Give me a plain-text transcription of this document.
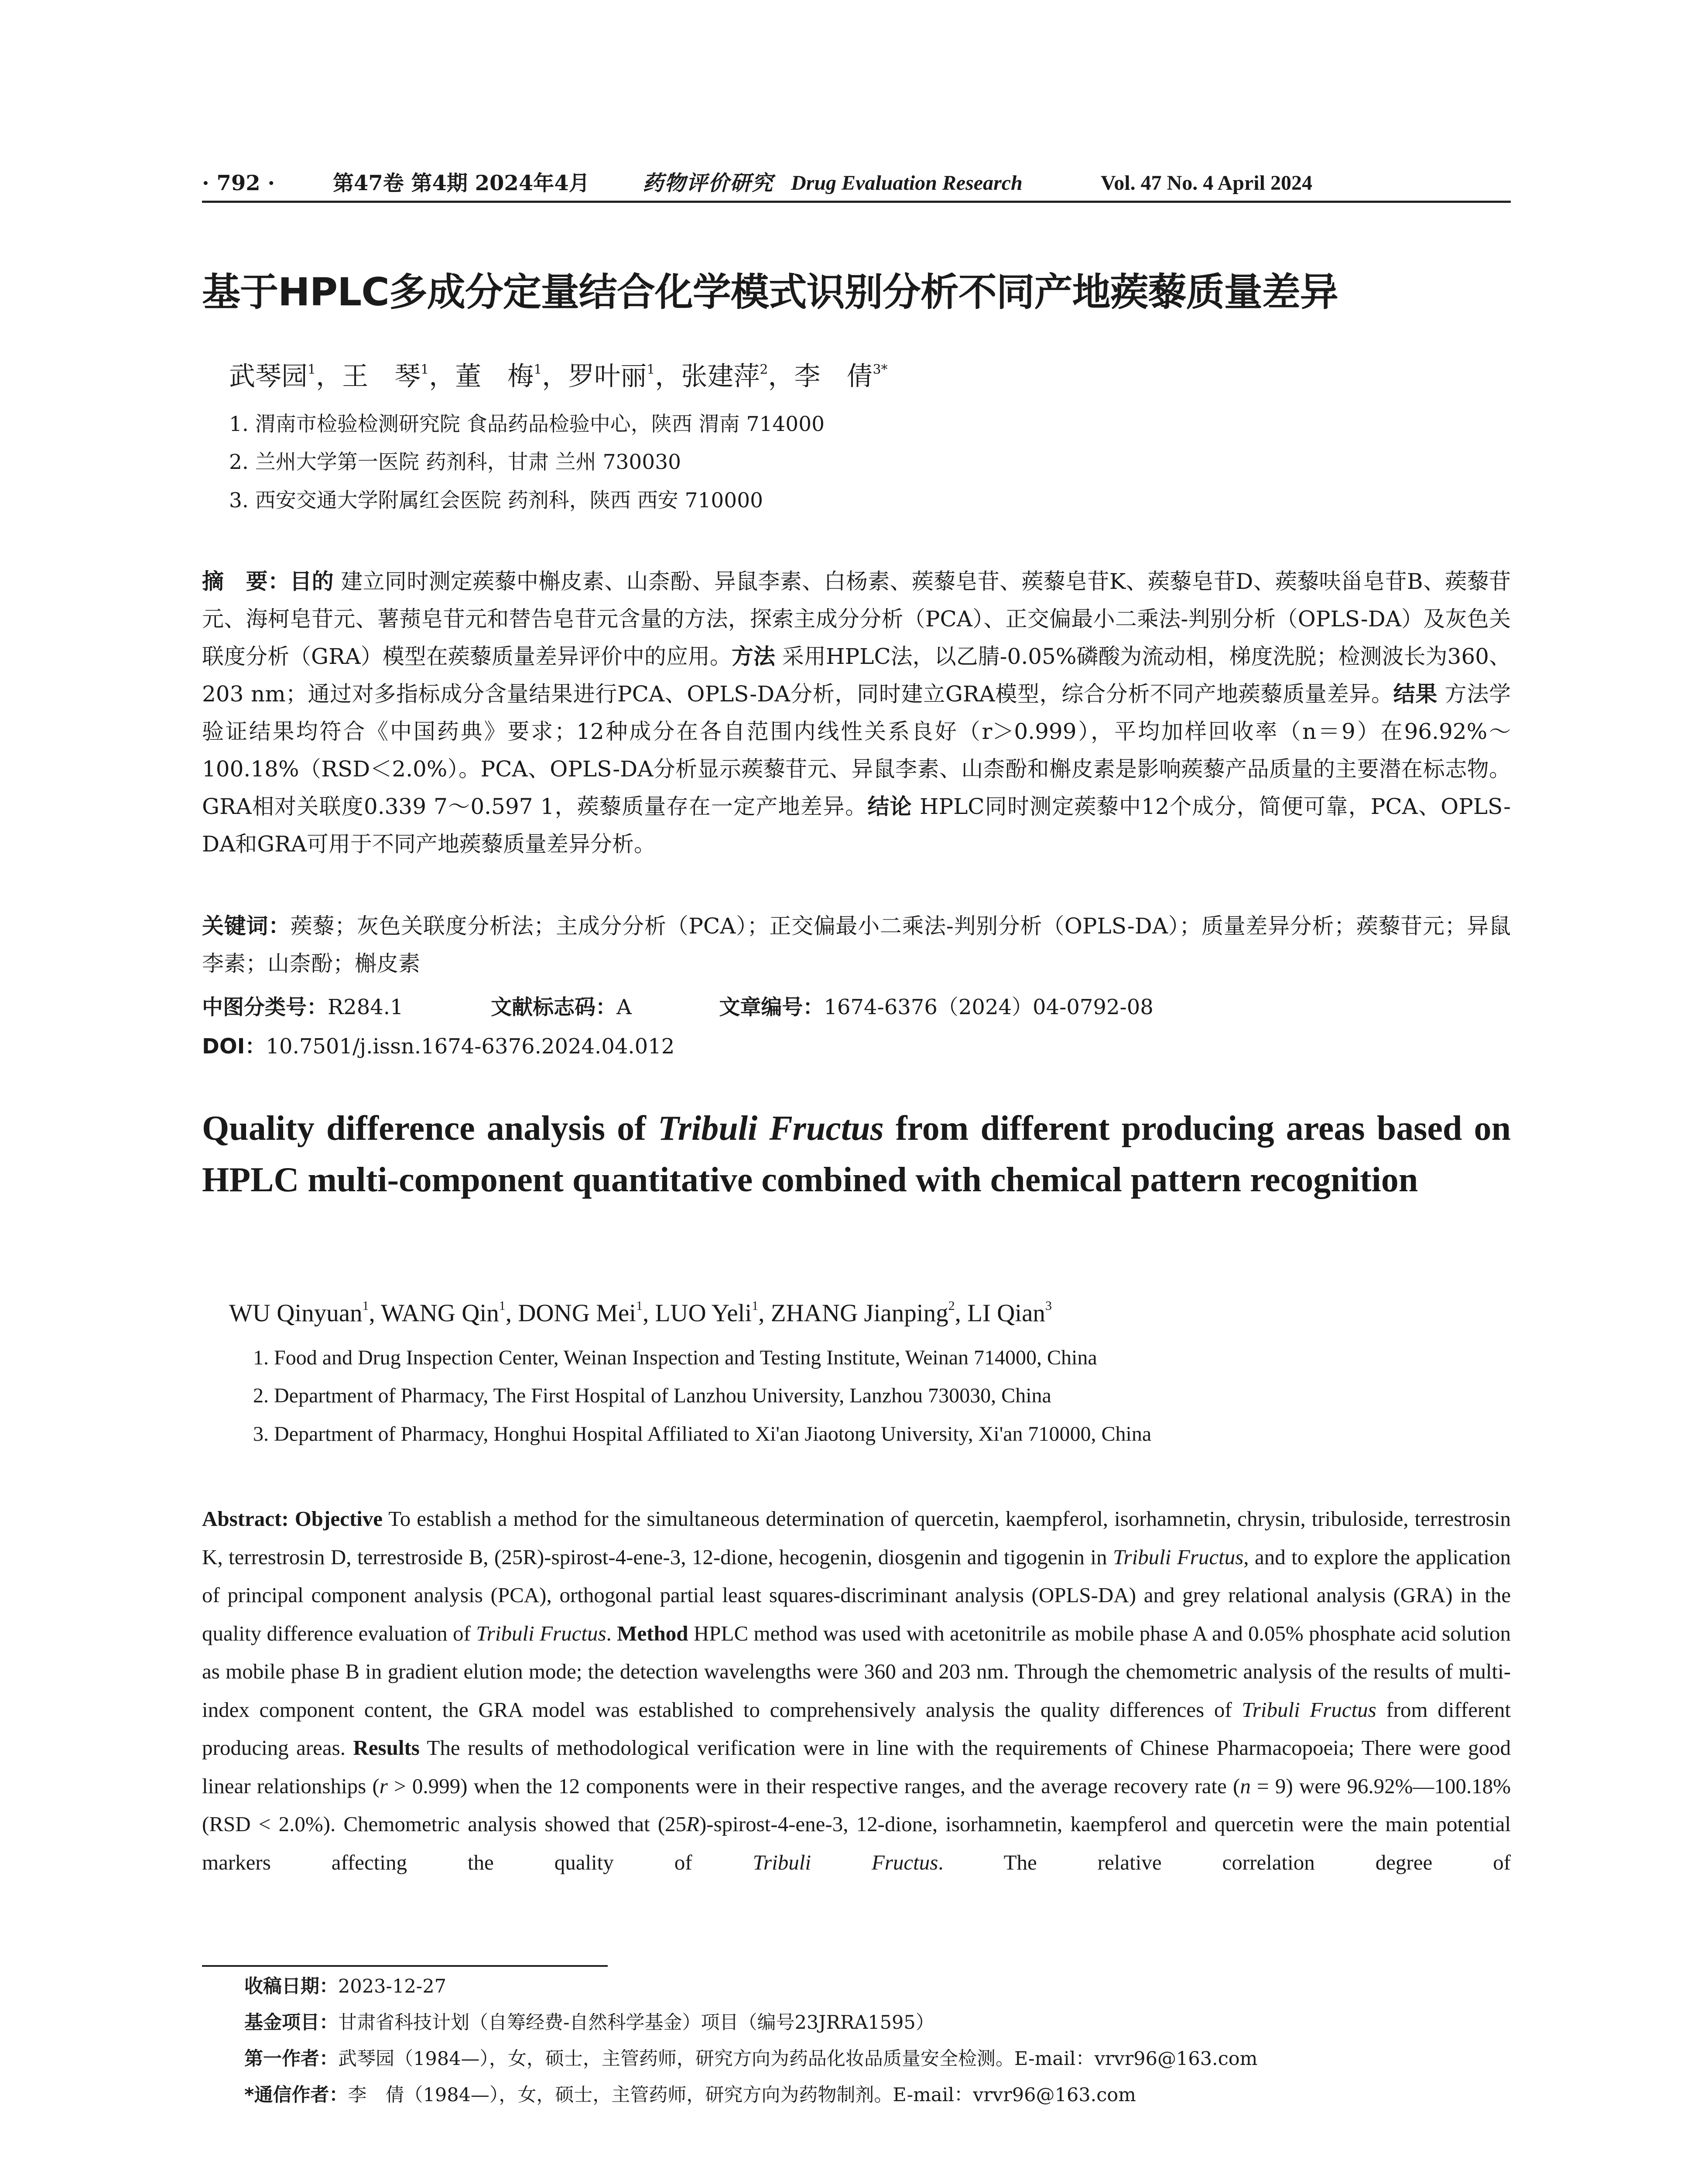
· 792 ·	第47卷 第4期 2024年4月	药物评价研究 Drug Evaluation Research	Vol. 47 No. 4 April 2024
基于HPLC多成分定量结合化学模式识别分析不同产地蒺藜质量差异
武琴园$^1$，王　琴$^1$，董　梅$^1$，罗叶丽$^1$，张建萍$^2$，李　倩$^{3*}$
1. 渭南市检验检测研究院 食品药品检验中心，陕西 渭南 714000
2. 兰州大学第一医院 药剂科，甘肃 兰州 730030
3. 西安交通大学附属红会医院 药剂科，陕西 西安 710000
摘　要：目的 建立同时测定蒺藜中槲皮素、山柰酚、异鼠李素、白杨素、蒺藜皂苷、蒺藜皂苷K、蒺藜皂苷D、蒺藜呋甾皂苷B、蒺藜苷元、海柯皂苷元、薯蓣皂苷元和替告皂苷元含量的方法，探索主成分分析（PCA）、正交偏最小二乘法-判别分析（OPLS-DA）及灰色关联度分析（GRA）模型在蒺藜质量差异评价中的应用。方法 采用HPLC法，以乙腈-0.05%磷酸为流动相，梯度洗脱；检测波长为360、203 nm；通过对多指标成分含量结果进行PCA、OPLS-DA分析，同时建立GRA模型，综合分析不同产地蒺藜质量差异。结果 方法学验证结果均符合《中国药典》要求；12种成分在各自范围内线性关系良好（r＞0.999），平均加样回收率（n＝9）在96.92%～100.18%（RSD＜2.0%）。PCA、OPLS-DA分析显示蒺藜苷元、异鼠李素、山柰酚和槲皮素是影响蒺藜产品质量的主要潜在标志物。GRA相对关联度0.339 7～0.597 1，蒺藜质量存在一定产地差异。结论 HPLC同时测定蒺藜中12个成分，简便可靠，PCA、OPLS-DA和GRA可用于不同产地蒺藜质量差异分析。
关键词：蒺藜；灰色关联度分析法；主成分分析（PCA）；正交偏最小二乘法-判别分析（OPLS-DA）；质量差异分析；蒺藜苷元；异鼠李素；山柰酚；槲皮素
中图分类号：R284.1	文献标志码：A	文章编号：1674-6376（2024）04-0792-08
DOI：10.7501/j.issn.1674-6376.2024.04.012
Quality difference analysis of Tribuli Fructus from different producing areas based on HPLC multi-component quantitative combined with chemical pattern recognition
WU Qinyuan$^1$, WANG Qin$^1$, DONG Mei$^1$, LUO Yeli$^1$, ZHANG Jianping$^2$, LI Qian$^3$
1. Food and Drug Inspection Center, Weinan Inspection and Testing Institute, Weinan 714000, China
2. Department of Pharmacy, The First Hospital of Lanzhou University, Lanzhou 730030, China
3. Department of Pharmacy, Honghui Hospital Affiliated to Xi'an Jiaotong University, Xi'an 710000, China
Abstract: Objective To establish a method for the simultaneous determination of quercetin, kaempferol, isorhamnetin, chrysin, tribuloside, terrestrosin K, terrestrosin D, terrestroside B, (25R)-spirost-4-ene-3, 12-dione, hecogenin, diosgenin and tigogenin in Tribuli Fructus, and to explore the application of principal component analysis (PCA), orthogonal partial least squares-discriminant analysis (OPLS-DA) and grey relational analysis (GRA) in the quality difference evaluation of Tribuli Fructus. Method HPLC method was used with acetonitrile as mobile phase A and 0.05% phosphate acid solution as mobile phase B in gradient elution mode; the detection wavelengths were 360 and 203 nm. Through the chemometric analysis of the results of multi-index component content, the GRA model was established to comprehensively analysis the quality differences of Tribuli Fructus from different producing areas. Results The results of methodological verification were in line with the requirements of Chinese Pharmacopoeia; There were good linear relationships (r > 0.999) when the 12 components were in their respective ranges, and the average recovery rate (n = 9) were 96.92%—100.18% (RSD < 2.0%). Chemometric analysis showed that (25R)-spirost-4-ene-3, 12-dione, isorhamnetin, kaempferol and quercetin were the main potential markers affecting the quality of Tribuli Fructus. The relative correlation degree of
收稿日期：2023-12-27
基金项目：甘肃省科技计划（自筹经费-自然科学基金）项目（编号23JRRA1595）
第一作者：武琴园（1984—），女，硕士，主管药师，研究方向为药品化妆品质量安全检测。E-mail：vrvr96@163.com
*通信作者：李　倩（1984—），女，硕士，主管药师，研究方向为药物制剂。E-mail：vrvr96@163.com
